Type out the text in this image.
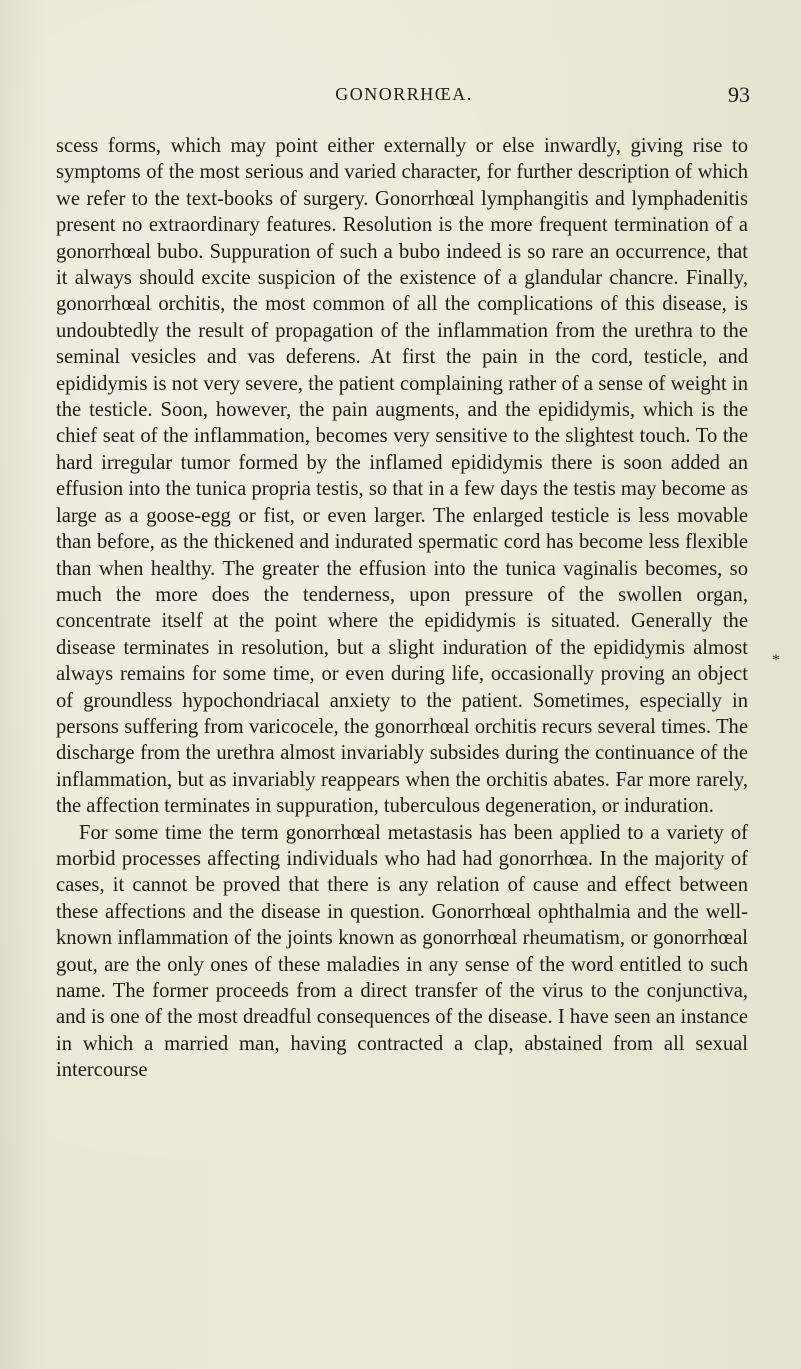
GONORRHŒA.	93

scess forms, which may point either externally or else inwardly, giving rise to symptoms of the most serious and varied character, for further description of which we refer to the text-books of surgery. Gonorrhœal lymphangitis and lymphadenitis present no extraordinary features. Resolution is the more frequent termination of a gonorrhœal bubo. Suppuration of such a bubo indeed is so rare an occurrence, that it always should excite suspicion of the existence of a glandular chancre. Finally, gonorrhœal orchitis, the most common of all the complications of this disease, is undoubtedly the result of propagation of the inflammation from the urethra to the seminal vesicles and vas deferens. At first the pain in the cord, testicle, and epididymis is not very severe, the patient complaining rather of a sense of weight in the testicle. Soon, however, the pain augments, and the epididymis, which is the chief seat of the inflammation, becomes very sensitive to the slightest touch. To the hard irregular tumor formed by the inflamed epididymis there is soon added an effusion into the tunica propria testis, so that in a few days the testis may become as large as a goose-egg or fist, or even larger. The enlarged testicle is less movable than before, as the thickened and indurated spermatic cord has become less flexible than when healthy. The greater the effusion into the tunica vaginalis becomes, so much the more does the tenderness, upon pressure of the swollen organ, concentrate itself at the point where the epididymis is situated. Generally the disease terminates in resolution, but a slight induration of the epididymis almost always remains for some time, or even during life, occasionally proving an object of groundless hypochondriacal anxiety to the patient. Sometimes, especially in persons suffering from varicocele, the gonorrhœal orchitis recurs several times. The discharge from the urethra almost invariably subsides during the continuance of the inflammation, but as invariably reappears when the orchitis abates. Far more rarely, the affection terminates in suppuration, tuberculous degeneration, or induration.

For some time the term gonorrhœal metastasis has been applied to a variety of morbid processes affecting individuals who had had gonorrhœa. In the majority of cases, it cannot be proved that there is any relation of cause and effect between these affections and the disease in question. Gonorrhœal ophthalmia and the well-known inflammation of the joints known as gonorrhœal rheumatism, or gonorrhœal gout, are the only ones of these maladies in any sense of the word entitled to such name. The former proceeds from a direct transfer of the virus to the conjunctiva, and is one of the most dreadful consequences of the disease. I have seen an instance in which a married man, having contracted a clap, abstained from all sexual intercourse

*
